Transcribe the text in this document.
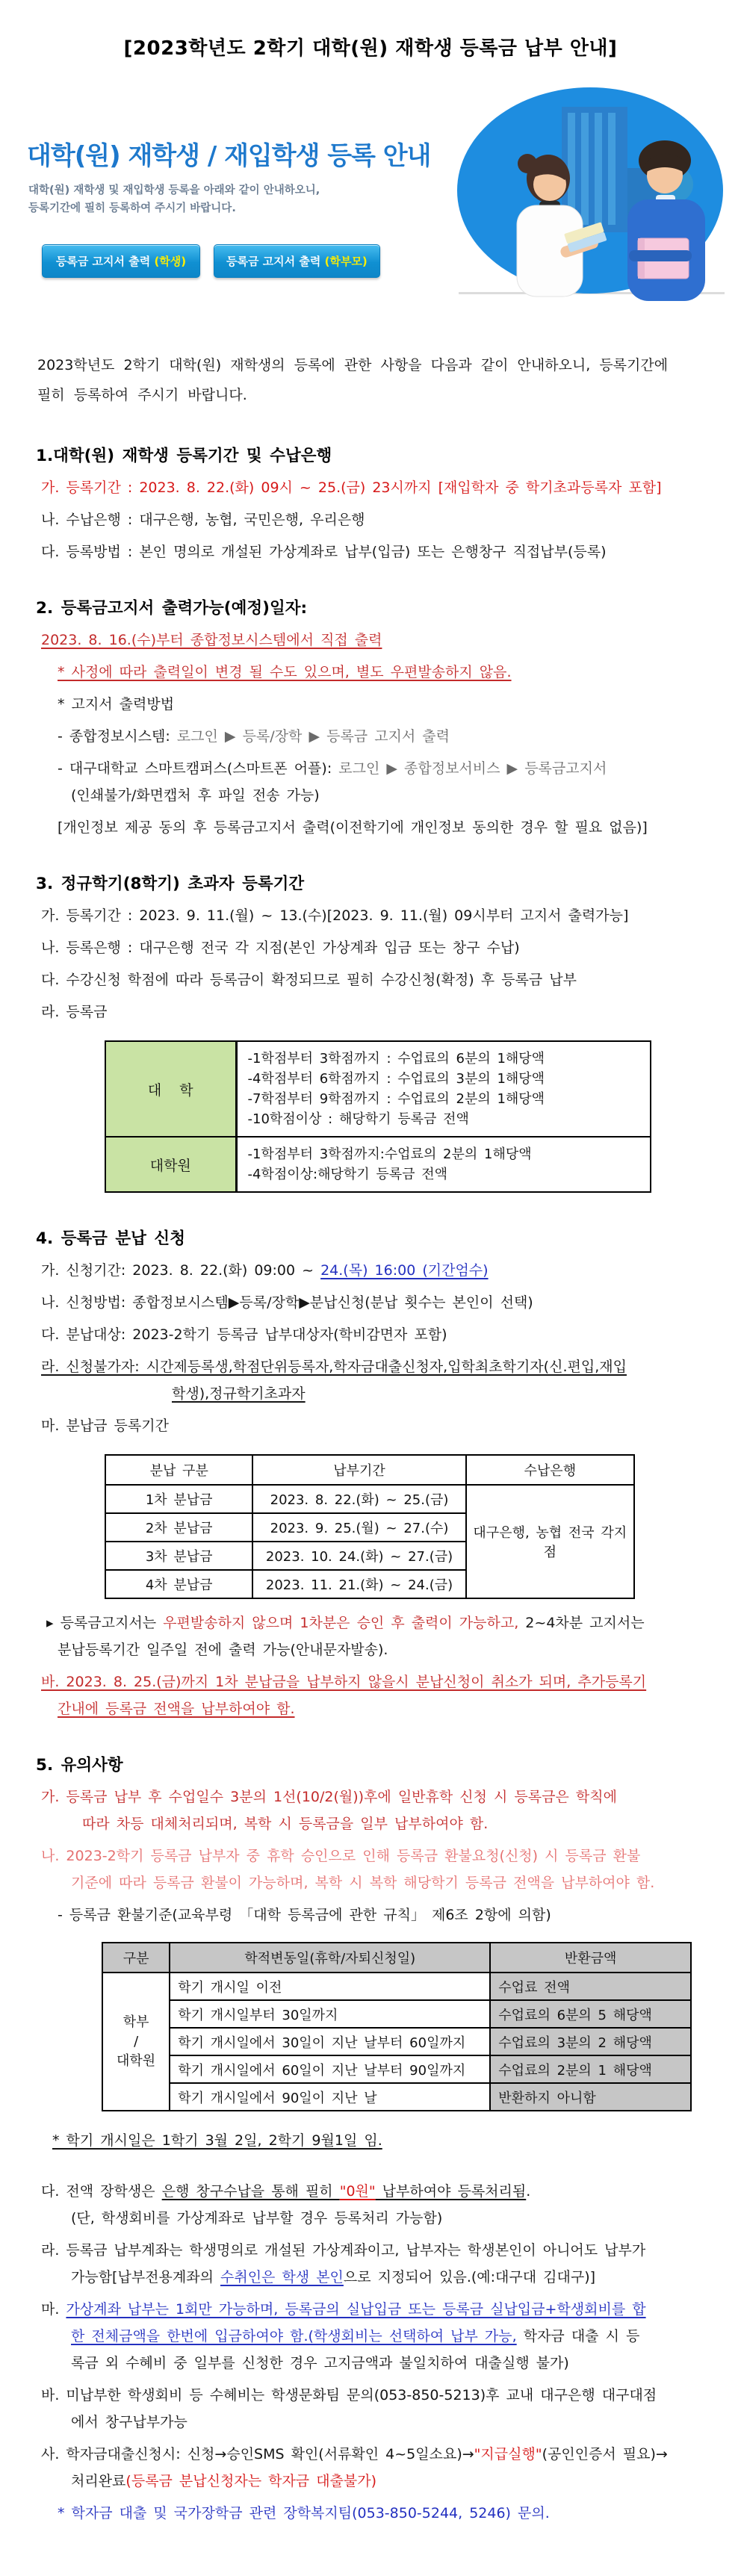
[2023학년도 2학기 대학(원) 재학생 등록금 납부 안내]
대학(원) 재학생 / 재입학생 등록 안내
대학(원) 재학생 및 재입학생 등록을 아래와 같이 안내하오니,
등록기간에 필히 등록하여 주시기 바랍니다.
등록금 고지서 출력 (학생)	등록금 고지서 출력 (학부모)

2023학년도 2학기 대학(원) 재학생의 등록에 관한 사항을 다음과 같이 안내하오니, 등록기간에
필히 등록하여 주시기 바랍니다.

1.대학(원) 재학생 등록기간 및 수납은행
가. 등록기간 : 2023. 8. 22.(화) 09시 ~ 25.(금) 23시까지 [재입학자 중 학기초과등록자 포함]
나. 수납은행 : 대구은행, 농협, 국민은행, 우리은행
다. 등록방법 : 본인 명의로 개설된 가상계좌로 납부(입금) 또는 은행창구 직접납부(등록)
2. 등록금고지서 출력가능(예정)일자:
2023. 8. 16.(수)부터 종합정보시스템에서 직접 출력
* 사정에 따라 출력일이 변경 될 수도 있으며, 별도 우편발송하지 않음.
* 고지서 출력방법
- 종합정보시스템: 로그인 ▶ 등록/장학 ▶ 등록금 고지서 출력
- 대구대학교 스마트캠퍼스(스마트폰 어플): 로그인 ▶ 종합정보서비스 ▶ 등록금고지서
(인쇄불가/화면캡처 후 파일 전송 가능)
[개인정보 제공 동의 후 등록금고지서 출력(이전학기에 개인정보 동의한 경우 할 필요 없음)]
3. 정규학기(8학기) 초과자 등록기간
가. 등록기간 : 2023. 9. 11.(월) ~ 13.(수)[2023. 9. 11.(월) 09시부터 고지서 출력가능]
나. 등록은행 : 대구은행 전국 각 지점(본인 가상계좌 입금 또는 창구 수납)
다. 수강신청 학점에 따라 등록금이 확정되므로 필히 수강신청(확정) 후 등록금 납부
라. 등록금
대 학	-1학점부터 3학점까지 : 수업료의 6분의 1해당액
-4학점부터 6학점까지 : 수업료의 3분의 1해당액
-7학점부터 9학점까지 : 수업료의 2분의 1해당액
-10학점이상 : 해당학기 등록금 전액

대학원	-1학점부터 3학점까지:수업료의 2분의 1해당액
-4학점이상:해당학기 등록금 전액
4. 등록금 분납 신청
가. 신청기간: 2023. 8. 22.(화) 09:00 ~ 24.(목) 16:00 (기간엄수)
나. 신청방법: 종합정보시스템▶등록/장학▶분납신청(분납 횟수는 본인이 선택)
다. 분납대상: 2023-2학기 등록금 납부대상자(학비감면자 포함)
라. 신청불가자: 시간제등록생,학점단위등록자,학자금대출신청자,입학최초학기자(신.편입,재입
학생),정규학기초과자
마. 분납금 등록기간
분납 구분	납부기간	수납은행
1차 분납금	2023. 8. 22.(화) ~ 25.(금)	대구은행, 농협 전국 각지점
2차 분납금	2023. 9. 25.(월) ~ 27.(수)	
3차 분납금	2023. 10. 24.(화) ~ 27.(금)	
4차 분납금	2023. 11. 21.(화) ~ 24.(금)	
▸ 등록금고지서는 우편발송하지 않으며 1차분은 승인 후 출력이 가능하고, 2~4차분 고지서는
분납등록기간 일주일 전에 출력 가능(안내문자발송).
바. 2023. 8. 25.(금)까지 1차 분납금을 납부하지 않을시 분납신청이 취소가 되며, 추가등록기
간내에 등록금 전액을 납부하여야 함.
5. 유의사항
가. 등록금 납부 후 수업일수 3분의 1선(10/2(월))후에 일반휴학 신청 시 등록금은 학칙에
따라 차등 대체처리되며, 복학 시 등록금을 일부 납부하여야 함.
나. 2023-2학기 등록금 납부자 중 휴학 승인으로 인해 등록금 환불요청(신청) 시 등록금 환불
기준에 따라 등록금 환불이 가능하며, 복학 시 복학 해당학기 등록금 전액을 납부하여야 함.
- 등록금 환불기준(교육부령 「대학 등록금에 관한 규칙」 제6조 2항에 의함)
구분	학적변동일(휴학/자퇴신청일)	반환금액

학부
/
대학원	학기 개시일 이전	수업료 전액
	학기 개시일부터 30일까지	수업료의 6분의 5 해당액
	학기 개시일에서 30일이 지난 날부터 60일까지	수업료의 3분의 2 해당액
	학기 개시일에서 60일이 지난 날부터 90일까지	수업료의 2분의 1 해당액
	학기 개시일에서 90일이 지난 날	반환하지 아니함
* 학기 개시일은 1학기 3월 2일, 2학기 9월1일 임.
다. 전액 장학생은 은행 창구수납을 통해 필히 "0원" 납부하여야 등록처리됨.
(단, 학생회비를 가상계좌로 납부할 경우 등록처리 가능함)
라. 등록금 납부계좌는 학생명의로 개설된 가상계좌이고, 납부자는 학생본인이 아니어도 납부가
가능함[납부전용계좌의 수취인은 학생 본인으로 지정되어 있음.(예:대구대 김대구)]
마. 가상계좌 납부는 1회만 가능하며, 등록금의 실납입금 또는 등록금 실납입금+학생회비를 합
한 전체금액을 한번에 입금하여야 함.(학생회비는 선택하여 납부 가능, 학자금 대출 시 등
록금 외 수혜비 중 일부를 신청한 경우 고지금액과 불일치하여 대출실행 불가)
바. 미납부한 학생회비 등 수혜비는 학생문화팀 문의(053-850-5213)후 교내 대구은행 대구대점
에서 창구납부가능
사. 학자금대출신청시: 신청→승인SMS 확인(서류확인 4~5일소요)→"지급실행"(공인인증서 필요)→
처리완료(등록금 분납신청자는 학자금 대출불가)
* 학자금 대출 및 국가장학금 관련 장학복지팀(053-850-5244, 5246) 문의.
